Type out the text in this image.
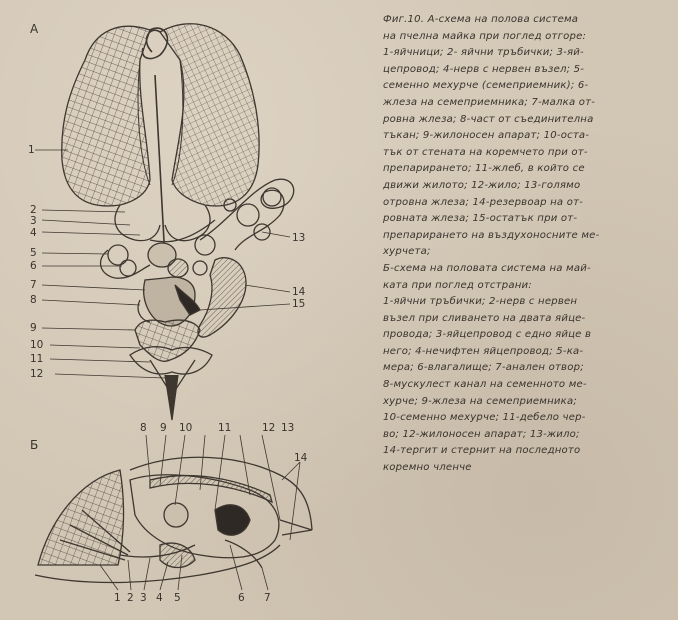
А
Б
1
2
3
4
5
6
7
8
9
10
11
12
13
14
15
8 9 10 11	12 13
14
1 2 3 4 5	6 7
Фиг.10. А-схема на полова система
на пчелна майка при поглед отгоре:
1-яйчници; 2- яйчни тръбички; 3-яй-
цепровод; 4-нерв с нервен възел; 5-
семенно мехурче (семеприемник); 6-
жлеза на семеприемника; 7-малка от-
ровна жлеза; 8-част от съединителна
тъкан; 9-жилоносен апарат; 10-оста-
тък от стената на коремчето при от-
препарирането; 11-жлеб, в който се
движи жилото; 12-жило; 13-голямо
отровна жлеза; 14-резервоар на от-
ровната жлеза; 15-остатък при от-
препарирането на въздухоносните ме-
хурчета;
Б-схема на половата система на май-
ката при поглед отстрани:
1-яйчни тръбички; 2-нерв с нервен
възел при сливането на двата яйце-
провода; 3-яйцепровод с едно яйце в
него; 4-нечифтен яйцепровод; 5-ка-
мера; 6-влагалище; 7-анален отвор;
8-мускулест канал на семенното ме-
хурче; 9-жлеза на семеприемника;
10-семенно мехурче; 11-дебело чер-
во; 12-жилоносен апарат; 13-жило;
14-тергит и стернит на последното
коремно членче
